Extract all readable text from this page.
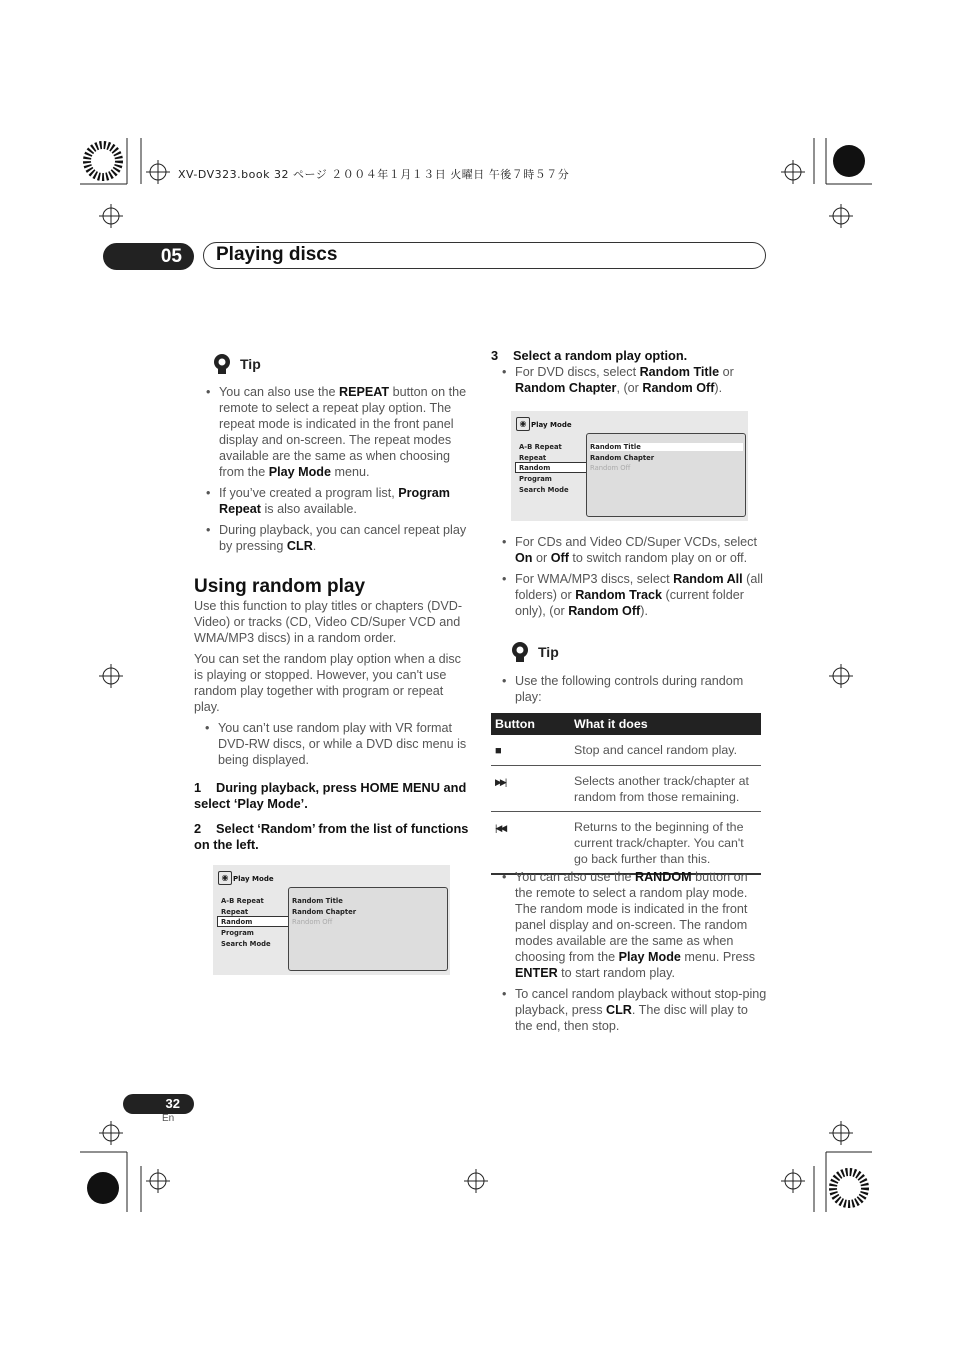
XV-DV323.book 32 ページ ２００４年１月１３日 火曜日 午後７時５７分
05	Playing discs
Tip
• You can also use the REPEAT button on the remote to select a repeat play option. The repeat mode is indicated in the front panel display and on-screen. The repeat modes available are the same as when choosing from the Play Mode menu.
• If you’ve created a program list, Program Repeat is also available.
• During playback, you can cancel repeat play by pressing CLR.
Using random play

Use this function to play titles or chapters (DVD-Video) or tracks (CD, Video CD/Super VCD and WMA/MP3 discs) in a random order.

You can set the random play option when a disc is playing or stopped. However, you can't use random play together with program or repeat play.

• You can’t use random play with VR format DVD-RW discs, or while a DVD disc menu is being displayed.
1 During playback, press HOME MENU and select ‘Play Mode’.
2 Select ‘Random’ from the list of functions on the left.
◉ Play Mode
A-B Repeat
Repeat
Random
Program
Search Mode
Random Title
Random Chapter
Random Off
3 Select a random play option.
• For DVD discs, select Random Title or Random Chapter, (or Random Off).
◉ Play Mode
A-B Repeat
Repeat
Random
Program
Search Mode
Random Title
Random Chapter
Random Off
• For CDs and Video CD/Super VCDs, select On or Off to switch random play on or off.
• For WMA/MP3 discs, select Random All (all folders) or Random Track (current folder only), (or Random Off).
Tip
• Use the following controls during random play:
Button	What it does
■	Stop and cancel random play.
▶▶|	Selects another track/chapter at random from those remaining.
|◀◀	Returns to the beginning of the current track/chapter. You can't go back further than this.
• You can also use the RANDOM button on the remote to select a random play mode. The random mode is indicated in the front panel display and on-screen. The random modes available are the same as when choosing from the Play Mode menu. Press ENTER to start random play.
• To cancel random playback without stop-ping playback, press CLR. The disc will play to the end, then stop.
32
En
